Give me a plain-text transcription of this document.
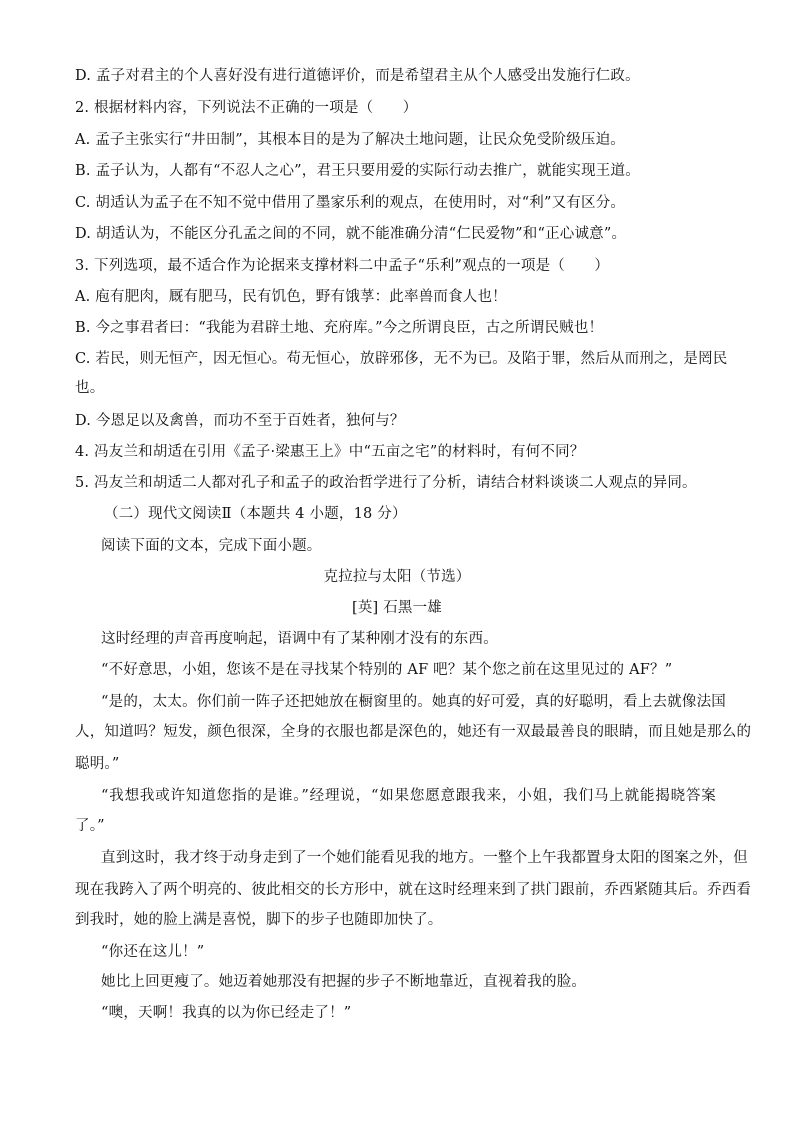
D. 孟子对君主的个人喜好没有进行道德评价，而是希望君主从个人感受出发施行仁政。
2. 根据材料内容，下列说法不正确的一项是（　　）
A. 孟子主张实行“井田制”，其根本目的是为了解决土地问题，让民众免受阶级压迫。
B. 孟子认为，人都有“不忍人之心”，君王只要用爱的实际行动去推广，就能实现王道。
C. 胡适认为孟子在不知不觉中借用了墨家乐利的观点，在使用时，对“利”又有区分。
D. 胡适认为，不能区分孔孟之间的不同，就不能准确分清“仁民爱物”和“正心诚意”。
3. 下列选项，最不适合作为论据来支撑材料二中孟子“乐利”观点的一项是（　　）
A. 庖有肥肉，厩有肥马，民有饥色，野有饿莩：此率兽而食人也！
B. 今之事君者曰：“我能为君辟土地、充府库。”今之所谓良臣，古之所谓民贼也！
C. 若民，则无恒产，因无恒心。苟无恒心，放辟邪侈，无不为已。及陷于罪，然后从而刑之，是罔民
也。
D. 今恩足以及禽兽，而功不至于百姓者，独何与？
4. 冯友兰和胡适在引用《孟子·梁惠王上》中“五亩之宅”的材料时，有何不同？
5. 冯友兰和胡适二人都对孔子和孟子的政治哲学进行了分析，请结合材料谈谈二人观点的异同。
（二）现代文阅读Ⅱ（本题共 4 小题，18 分）
阅读下面的文本，完成下面小题。
克拉拉与太阳（节选）
[英] 石黑一雄
这时经理的声音再度响起，语调中有了某种刚才没有的东西。
“不好意思，小姐，您该不是在寻找某个特别的 AF 吧？某个您之前在这里见过的 AF？”
“是的，太太。你们前一阵子还把她放在橱窗里的。她真的好可爱，真的好聪明，看上去就像法国
人，知道吗？短发，颜色很深，全身的衣服也都是深色的，她还有一双最最善良的眼睛，而且她是那么的
聪明。”
“我想我或许知道您指的是谁。”经理说，“如果您愿意跟我来，小姐，我们马上就能揭晓答案
了。”
直到这时，我才终于动身走到了一个她们能看见我的地方。一整个上午我都置身太阳的图案之外，但
现在我跨入了两个明亮的、彼此相交的长方形中，就在这时经理来到了拱门跟前，乔西紧随其后。乔西看
到我时，她的脸上满是喜悦，脚下的步子也随即加快了。
“你还在这儿！”
她比上回更瘦了。她迈着她那没有把握的步子不断地靠近，直视着我的脸。
“噢，天啊！我真的以为你已经走了！”
